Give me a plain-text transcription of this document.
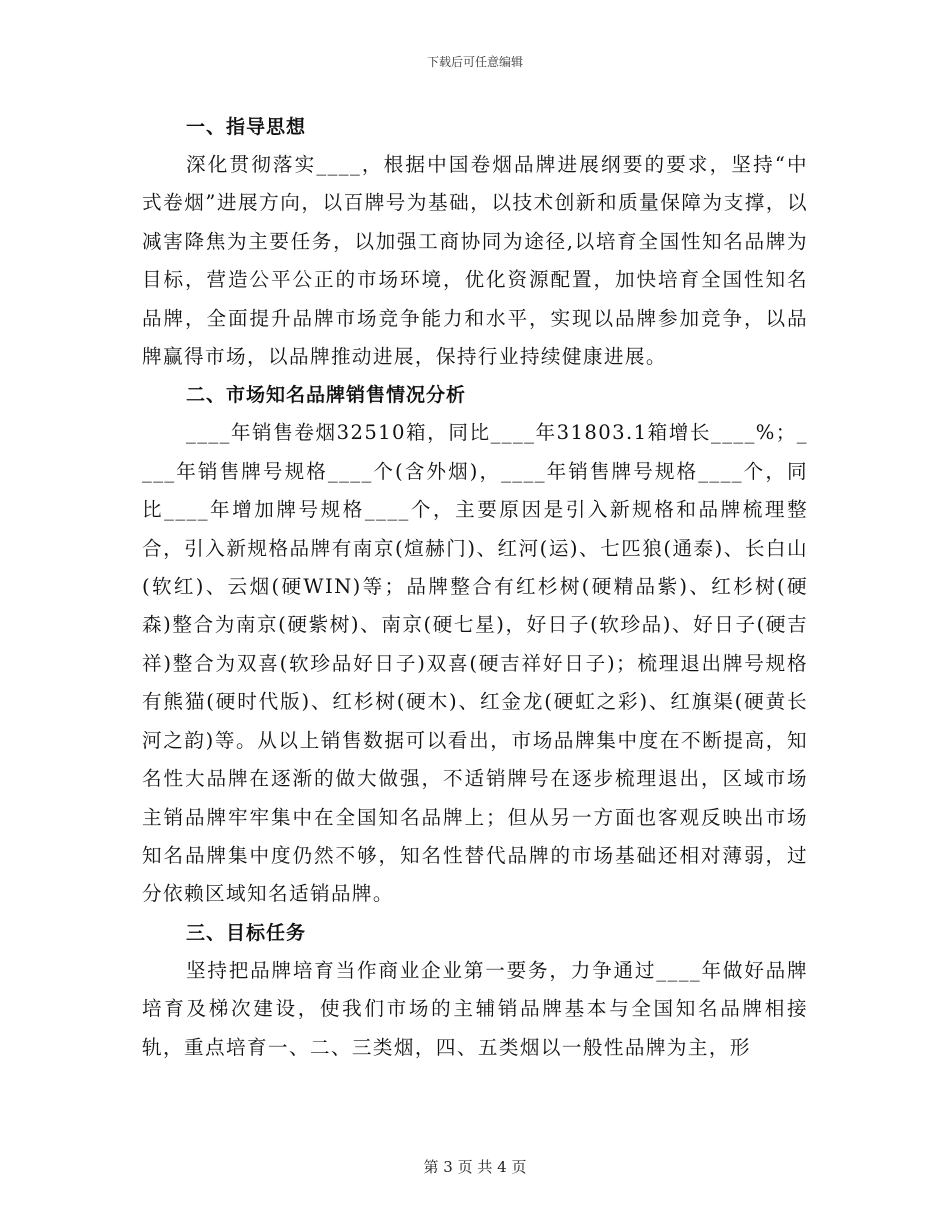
下载后可任意编辑
一、指导思想

深化贯彻落实____，根据中国卷烟品牌进展纲要的要求，坚持“中式卷烟”进展方向，以百牌号为基础，以技术创新和质量保障为支撑，以减害降焦为主要任务，以加强工商协同为途径,以培育全国性知名品牌为目标，营造公平公正的市场环境，优化资源配置，加快培育全国性知名品牌，全面提升品牌市场竞争能力和水平，实现以品牌参加竞争，以品牌赢得市场，以品牌推动进展，保持行业持续健康进展。

二、市场知名品牌销售情况分析

____年销售卷烟32510箱，同比____年31803.1箱增长____%；____年销售牌号规格____个(含外烟)，____年销售牌号规格____个，同比____年增加牌号规格____个，主要原因是引入新规格和品牌梳理整合，引入新规格品牌有南京(煊赫门)、红河(运)、七匹狼(通泰)、长白山(软红)、云烟(硬WIN)等；品牌整合有红杉树(硬精品紫)、红杉树(硬森)整合为南京(硬紫树)、南京(硬七星)，好日子(软珍品)、好日子(硬吉祥)整合为双喜(软珍品好日子)双喜(硬吉祥好日子)；梳理退出牌号规格有熊猫(硬时代版)、红杉树(硬木)、红金龙(硬虹之彩)、红旗渠(硬黄长河之韵)等。从以上销售数据可以看出，市场品牌集中度在不断提高，知名性大品牌在逐渐的做大做强，不适销牌号在逐步梳理退出，区域市场主销品牌牢牢集中在全国知名品牌上；但从另一方面也客观反映出市场知名品牌集中度仍然不够，知名性替代品牌的市场基础还相对薄弱，过分依赖区域知名适销品牌。

三、目标任务

坚持把品牌培育当作商业企业第一要务，力争通过____年做好品牌培育及梯次建设，使我们市场的主辅销品牌基本与全国知名品牌相接轨，重点培育一、二、三类烟，四、五类烟以一般性品牌为主，形

第 3 页 共 4 页
